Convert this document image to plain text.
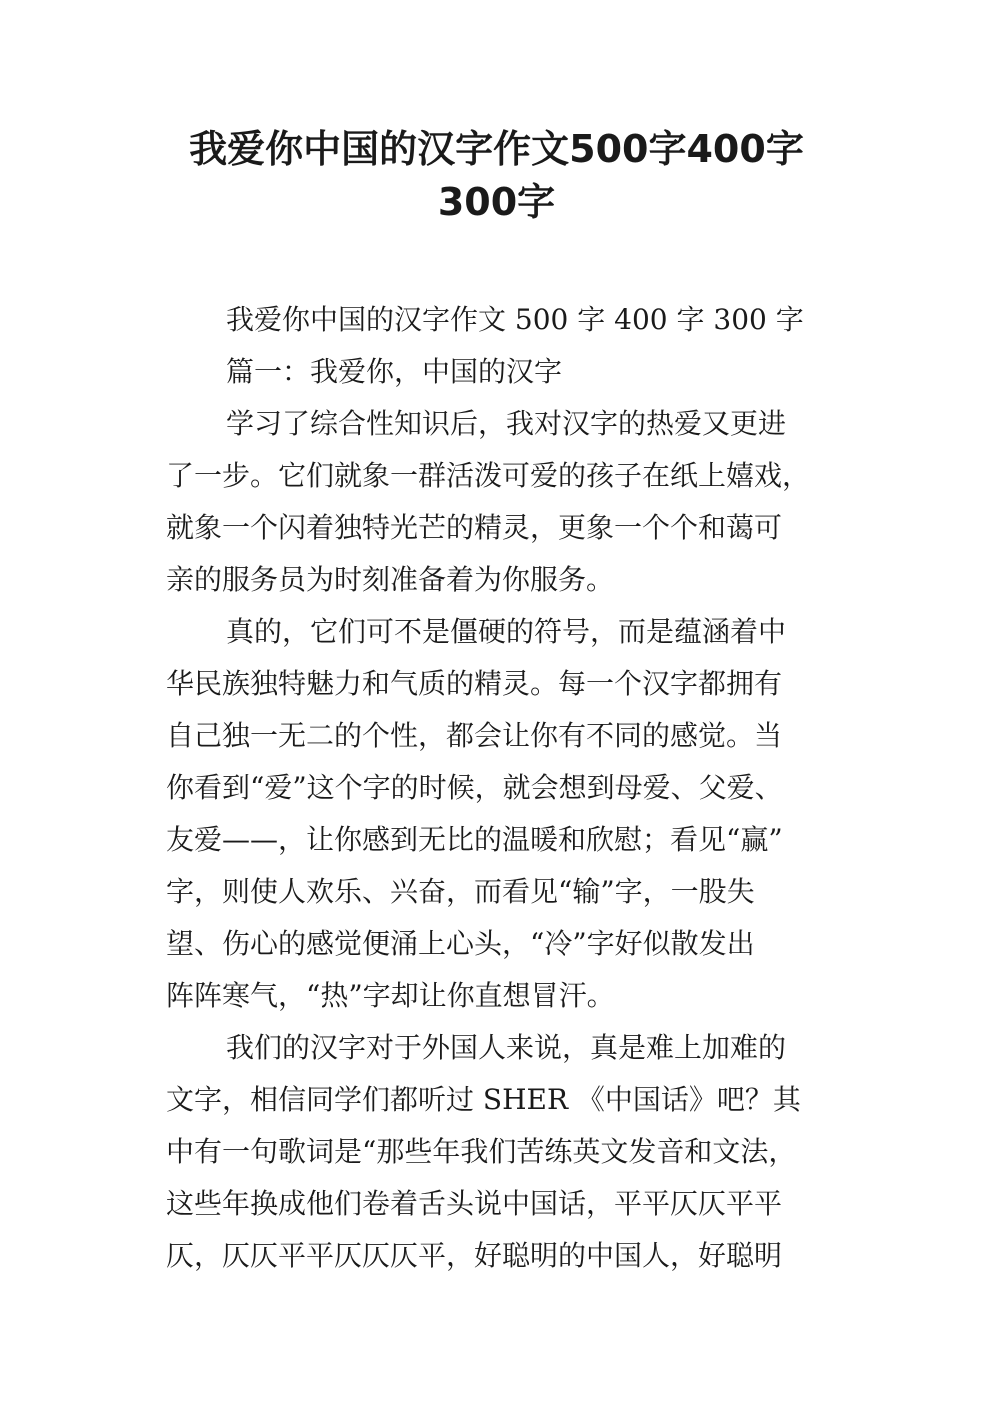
我爱你中国的汉字作文500字400字
300字

我爱你中国的汉字作文 500 字 400 字 300 字

篇一：我爱你，中国的汉字

学习了综合性知识后，我对汉字的热爱又更进

了一步。它们就象一群活泼可爱的孩子在纸上嬉戏，

就象一个闪着独特光芒的精灵，更象一个个和蔼可

亲的服务员为时刻准备着为你服务。

真的，它们可不是僵硬的符号，而是蕴涵着中

华民族独特魅力和气质的精灵。每一个汉字都拥有

自己独一无二的个性，都会让你有不同的感觉。当

你看到“爱”这个字的时候，就会想到母爱、父爱、

友爱——，让你感到无比的温暖和欣慰；看见“赢”

字，则使人欢乐、兴奋，而看见“输”字，一股失

望、伤心的感觉便涌上心头，“冷”字好似散发出

阵阵寒气，“热”字却让你直想冒汗。

我们的汉字对于外国人来说，真是难上加难的

文字，相信同学们都听过 SHER 《中国话》吧？其

中有一句歌词是“那些年我们苦练英文发音和文法，

这些年换成他们卷着舌头说中国话，平平仄仄平平

仄，仄仄平平仄仄仄平，好聪明的中国人，好聪明
